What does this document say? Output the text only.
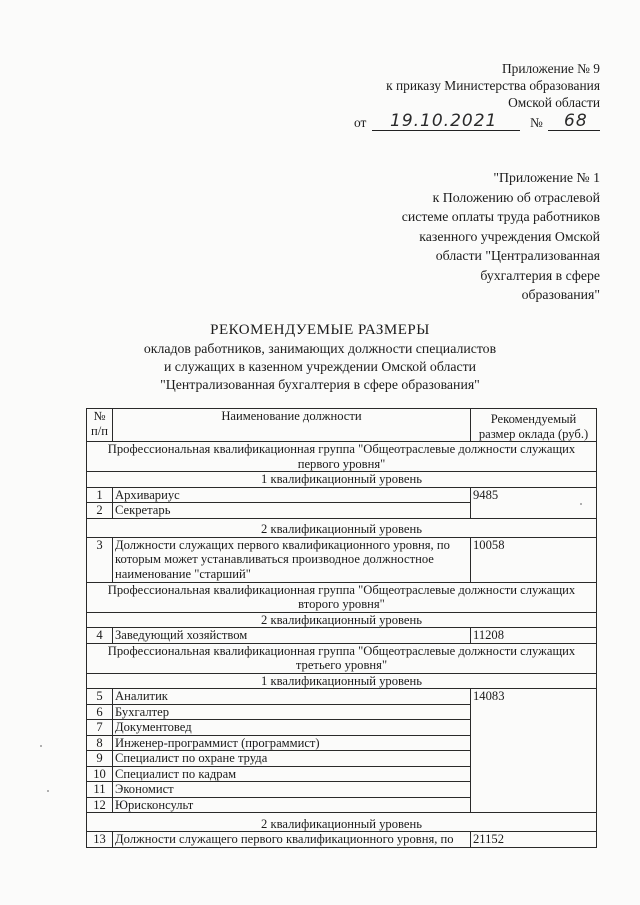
Приложение № 9
к приказу Министерства образования
Омской области
от 19.10.2021 № 68
"Приложение № 1
к Положению об отраслевой
системе оплаты труда работников
казенного учреждения Омской
области "Централизованная
бухгалтерия в сфере
образования"
РЕКОМЕНДУЕМЫЕ РАЗМЕРЫ
окладов работников, занимающих должности специалистов
и служащих в казенном учреждении Омской области
"Централизованная бухгалтерия в сфере образования"
№ п/п	Наименование должности	Рекомендуемый размер оклада (руб.)
Профессиональная квалификационная группа "Общеотраслевые должности служащих первого уровня"		
1 квалификационный уровень		
1	Архивариус	9485
2	Секретарь	
2 квалификационный уровень		
3	Должности служащих первого квалификационного уровня, по которым может устанавливаться производное должностное наименование "старший"	10058
Профессиональная квалификационная группа "Общеотраслевые должности служащих второго уровня"		
2 квалификационный уровень		
4	Заведующий хозяйством	11208
Профессиональная квалификационная группа "Общеотраслевые должности служащих третьего уровня"		
1 квалификационный уровень		
5	Аналитик	14083
6	Бухгалтер	
7	Документовед	
8	Инженер-программист (программист)	
9	Специалист по охране труда	
10	Специалист по кадрам	
11	Экономист	
12	Юрисконсульт	
2 квалификационный уровень		
13	Должности служащего первого квалификационного уровня, по	21152
